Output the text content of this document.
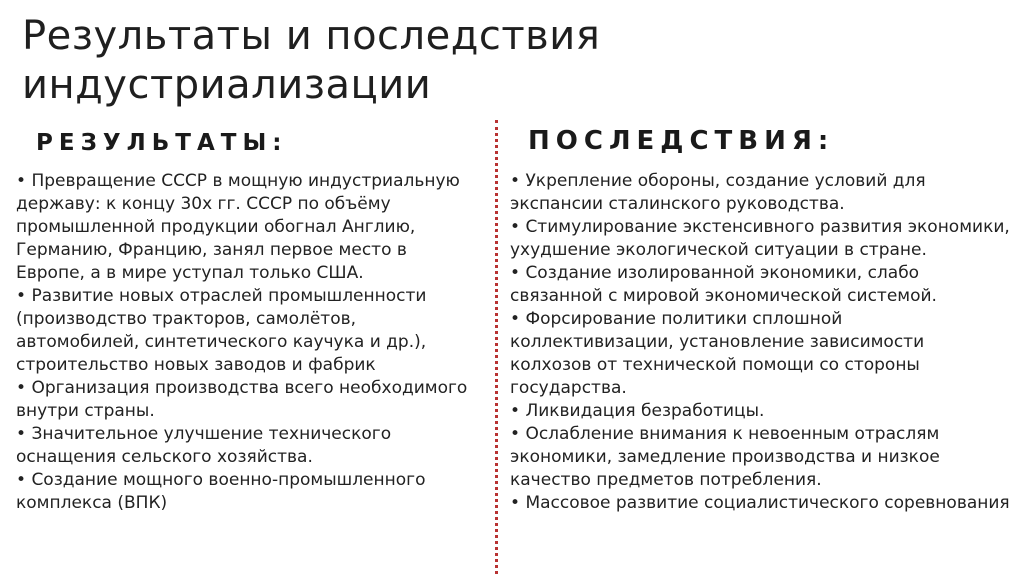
Результаты и последствия индустриализации
РЕЗУЛЬТАТЫ:	ПОСЛЕДСТВИЯ:
• Превращение СССР в мощную индустриальную державу: к концу 30х гг. СССР по объёму промышленной продукции обогнал Англию, Германию, Францию, занял первое место в Европе, а в мире уступал только США.
• Развитие новых отраслей промышленности (производство тракторов, самолётов, автомобилей, синтетического каучука и др.), строительство новых заводов и фабрик
• Организация производства всего необходимого внутри страны.
• Значительное улучшение технического оснащения сельского хозяйства.
• Создание мощного военно-промышленного комплекса (ВПК)
• Укрепление обороны, создание условий для экспансии сталинского руководства.
• Стимулирование экстенсивного развития экономики, ухудшение экологической ситуации в стране.
• Создание изолированной экономики, слабо связанной с мировой экономической системой.
• Форсирование политики сплошной коллективизации, установление зависимости колхозов от технической помощи со стороны государства.
• Ликвидация безработицы.
• Ослабление внимания к невоенным отраслям экономики, замедление производства и низкое качество предметов потребления.
• Массовое развитие социалистического соревнования
